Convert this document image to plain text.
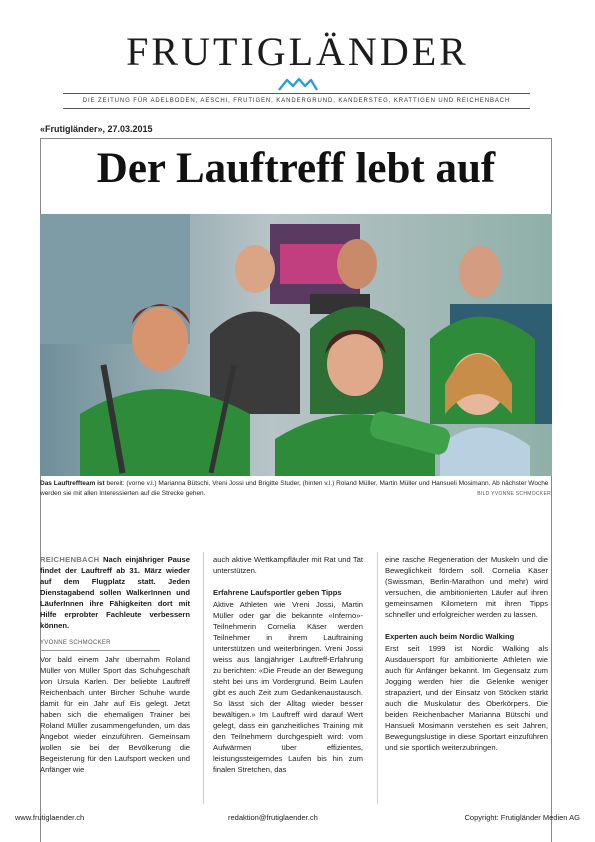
FRUTIGLÄNDER
DIE ZEITUNG FÜR ADELBODEN, AESCHI, FRUTIGEN, KANDERGRUND, KANDERSTEG, KRATTIGEN UND REICHENBACH
«Frutigländer», 27.03.2015
Der Lauftreff lebt auf
Das Lauftreffteam ist bereit: (vorne v.l.) Marianna Bütschi, Vreni Jossi und Brigitte Studer, (hinten v.l.) Roland Müller, Martin Müller und Hansueli Mosimann. Ab nächster Woche werden sie mit allen Interessierten auf die Strecke gehen.	BILD YVONNE SCHMOCKER
REICHENBACH Nach einjähriger Pause findet der Lauftreff ab 31. März wieder auf dem Flugplatz statt. Jeden Dienstagabend sollen WalkerInnen und LäuferInnen ihre Fähigkeiten dort mit Hilfe erprobter Fachleute verbessern können.
YVONNE SCHMOCKER

Vor bald einem Jahr übernahm Roland Müller von Müller Sport das Schuhgeschäft von Ursula Karlen. Der beliebte Lauftreff Reichenbach unter Bircher Schuhe wurde damit für ein Jahr auf Eis gelegt. Jetzt haben sich die ehemaligen Trainer bei Roland Müller zusammengefunden, um das Angebot wieder einzuführen. Gemeinsam wollen sie bei der Bevölkerung die Begeisterung für den Laufsport wecken und Anfänger wie

auch aktive Wettkampfläufer mit Rat und Tat unterstützen.

Erfahrene Laufsportler geben Tipps

Aktive Athleten wie Vreni Jossi, Martin Müller oder gar die bekannte «Inferno»-Teilnehmerin Cornelia Käser werden Teilnehmer in ihrem Lauftraining unterstützen und weiterbringen. Vreni Jossi weiss aus langjähriger Lauftreff-Erfahrung zu berichten: «Die Freude an der Bewegung steht bei uns im Vordergrund. Beim Laufen gibt es auch Zeit zum Gedankenaustausch. So lässt sich der Alltag wieder besser bewältigen.» Im Lauftreff wird darauf Wert gelegt, dass ein ganzheitliches Training mit den Teilnehmern durchgespielt wird: vom Aufwärmen über effizientes, leistungssteigerndes Laufen bis hin zum finalen Stretchen, das

eine rasche Regeneration der Muskeln und die Beweglichkeit fördern soll. Cornelia Käser (Swissman, Berlin-Marathon und mehr) wird versuchen, die ambitionierten Läufer auf ihren gemeinsamen Kilometern mit ihren Tipps schneller und erfolgreicher werden zu lassen.

Experten auch beim Nordic Walking

Erst seit 1999 ist Nordic Walking als Ausdauersport für ambitionierte Athleten wie auch für Anfänger bekannt. Im Gegensatz zum Jogging werden hier die Gelenke weniger strapaziert, und der Einsatz von Stöcken stärkt auch die Muskulatur des Oberkörpers. Die beiden Reichenbacher Marianna Bütschi und Hansueli Mosimann verstehen es seit Jahren, Bewegungslustige in diese Sportart einzuführen und sie sportlich weiterzubringen.

www.frutiglaender.ch	redaktion@frutiglaender.ch	Copyright: Frutigländer Medien AG
